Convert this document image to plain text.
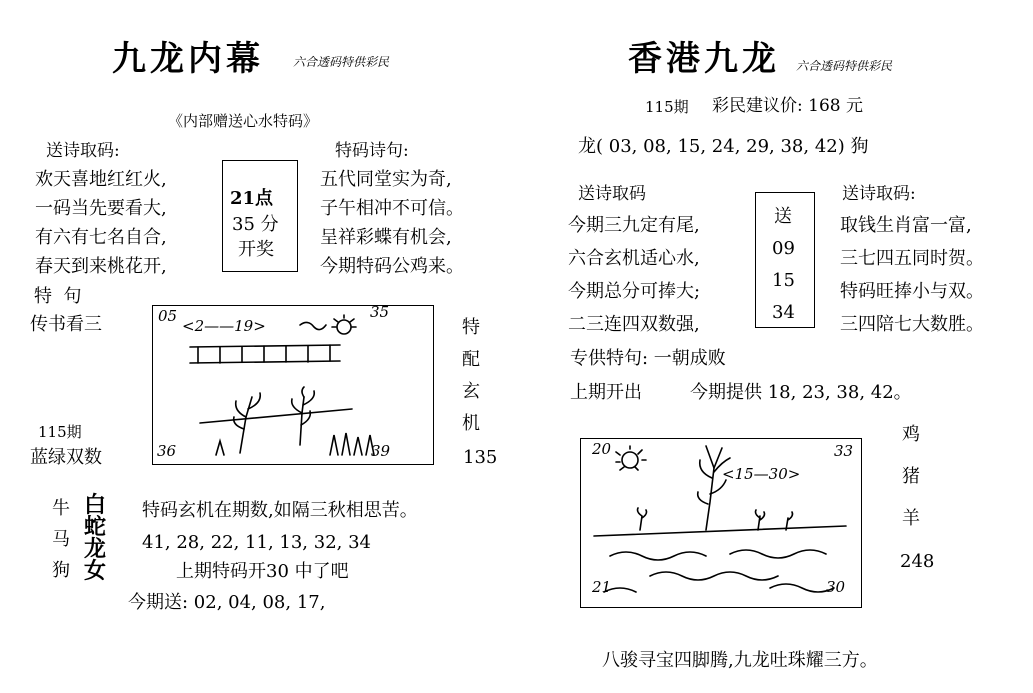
九龙内幕 六合透码特供彩民
《内部赠送心水特码》
送诗取码:
欢天喜地红红火,
一码当先要看大,
有六有七名自合,
春天到来桃花开,
21点
35 分
开奖
特码诗句:
五代同堂实为奇,
子午相冲不可信。
呈祥彩蝶有机会,
今期特码公鸡来。
特  句
传书看三
115期
蓝绿双数
05	35
36	39
<2——19>	特
配
玄
机
135
牛
马
狗
白
蛇
龙
女
特码玄机在期数,如隔三秋相思苦。
41, 28, 22, 11, 13, 32, 34
上期特码开30 中了吧
今期送: 02, 04, 08, 17,
香港九龙 六合透码特供彩民
115期 彩民建议价: 168 元
龙( 03, 08, 15, 24, 29, 38, 42) 狗
送诗取码
今期三九定有尾,
六合玄机适心水,
今期总分可捧大;
二三连四双数强,
送
09
15
34
送诗取码:
取钱生肖富一富,
三七四五同时贺。
特码旺捧小与双。
三四陪七大数胜。
专供特句: 一朝成败
上期开出	今期提供 18, 23, 38, 42。
20	33
21	30
<15—30>
鸡
猪
羊
248
八骏寻宝四脚腾,九龙吐珠耀三方。
